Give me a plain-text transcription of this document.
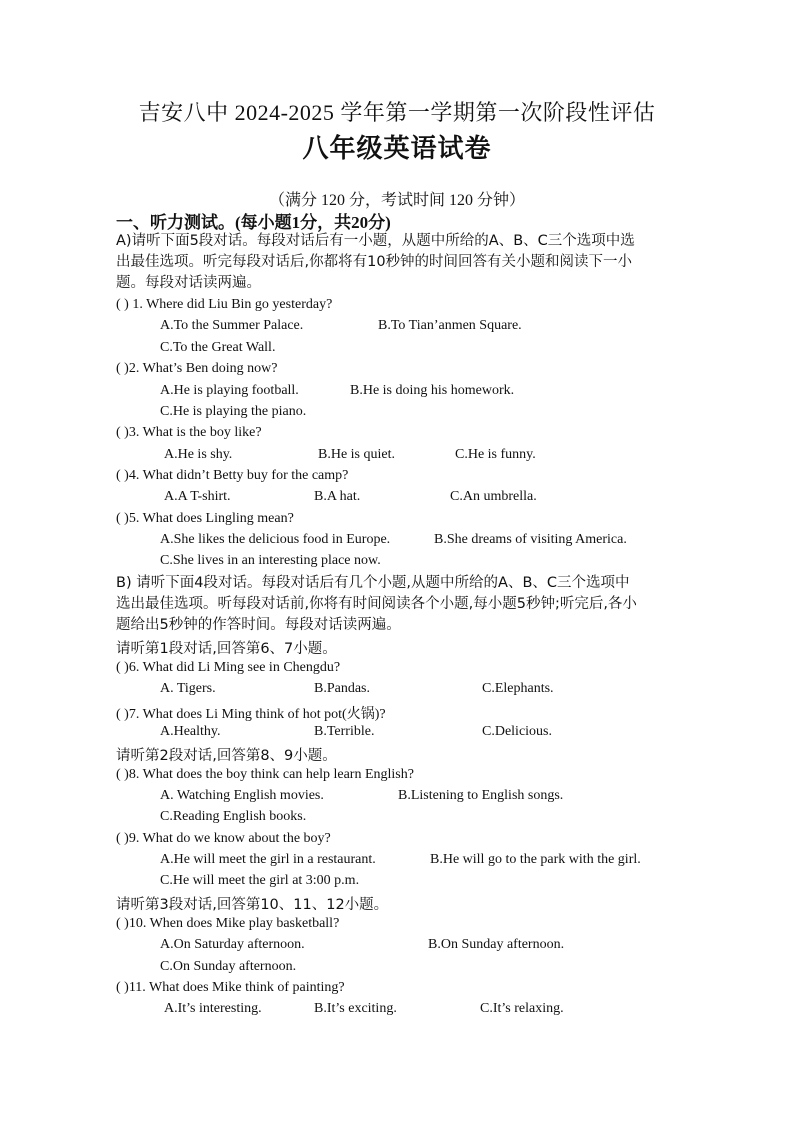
吉安八中 2024-2025 学年第一学期第一次阶段性评估
八年级英语试卷
（满分 120 分，考试时间 120 分钟）
一、听力测试。(每小题1分，共20分)
A)请听下面5段对话。每段对话后有一小题，从题中所给的A、B、C三个选项中选
出最佳选项。听完每段对话后,你都将有10秒钟的时间回答有关小题和阅读下一小
题。每段对话读两遍。
( ) 1. Where did Liu Bin go yesterday?
A.To the Summer Palace.	B.To Tian’anmen Square.
C.To the Great Wall.
( )2. What’s Ben doing now?
A.He is playing football.	B.He is doing his homework.
C.He is playing the piano.
( )3. What is the boy like?
A.He is shy.	B.He is quiet.	C.He is funny.
( )4. What didn’t Betty buy for the camp?
A.A T-shirt.	B.A hat.	C.An umbrella.
( )5. What does Lingling mean?
A.She likes the delicious food in Europe.	B.She dreams of visiting America.
C.She lives in an interesting place now.
B) 请听下面4段对话。每段对话后有几个小题,从题中所给的A、B、C三个选项中
选出最佳选项。听每段对话前,你将有时间阅读各个小题,每小题5秒钟;听完后,各小
题给出5秒钟的作答时间。每段对话读两遍。
请听第1段对话,回答第6、7小题。
( )6. What did Li Ming see in Chengdu?
A. Tigers.	B.Pandas.	C.Elephants.
( )7. What does Li Ming think of hot pot(火锅)?
A.Healthy.	B.Terrible.	C.Delicious.
请听第2段对话,回答第8、9小题。
( )8. What does the boy think can help learn English?
A. Watching English movies.	B.Listening to English songs.
C.Reading English books.
( )9. What do we know about the boy?
A.He will meet the girl in a restaurant.	B.He will go to the park with the girl.
C.He will meet the girl at 3:00 p.m.
请听第3段对话,回答第10、11、12小题。
( )10. When does Mike play basketball?
A.On Saturday afternoon.	B.On Sunday afternoon.
C.On Sunday afternoon.
( )11. What does Mike think of painting?
A.It’s interesting.	B.It’s exciting.	C.It’s relaxing.
